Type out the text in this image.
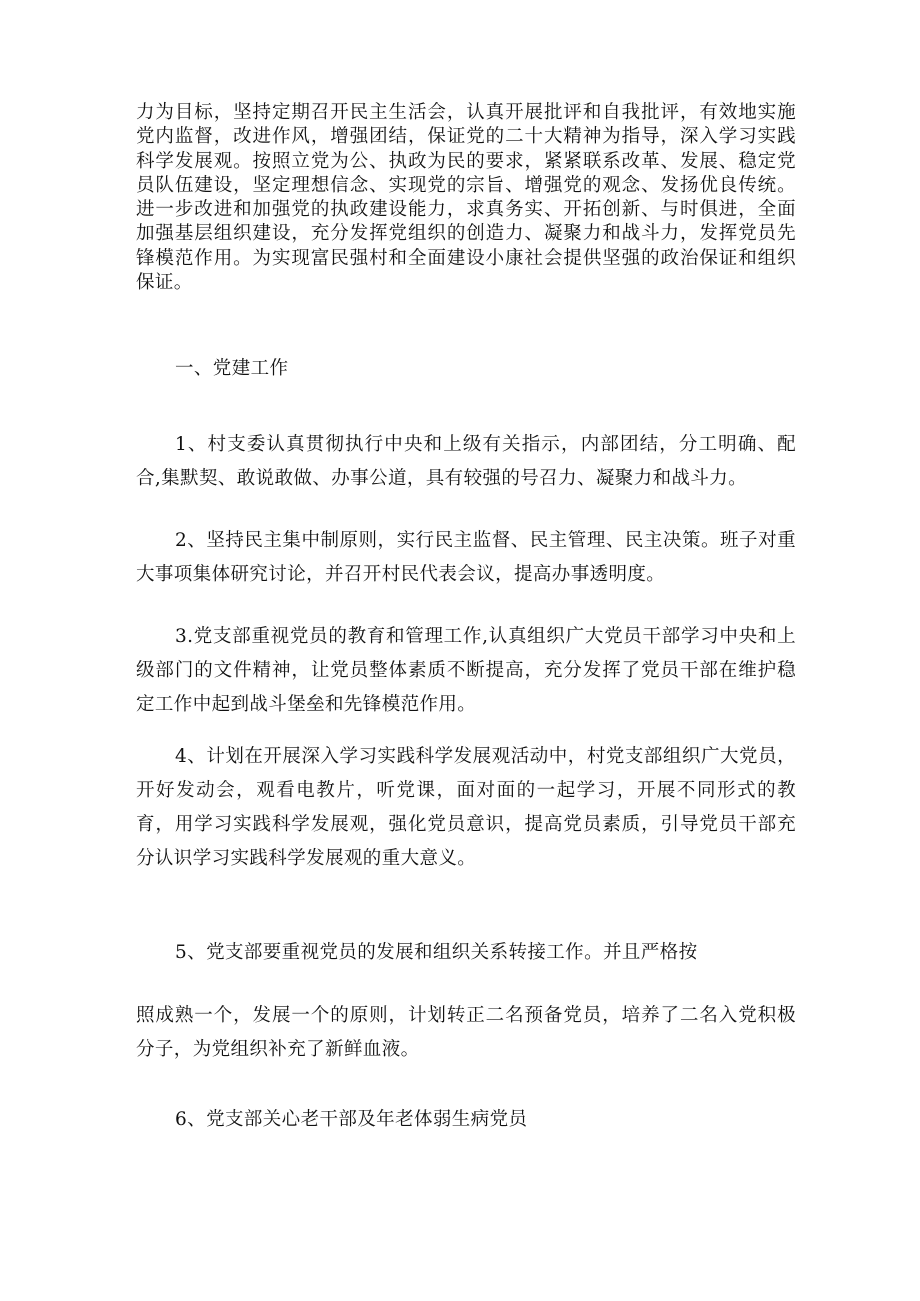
力为目标，坚持定期召开民主生活会，认真开展批评和自我批评，有效地实施党内监督，改进作风，增强团结，保证党的二十大精神为指导，深入学习实践科学发展观。按照立党为公、执政为民的要求，紧紧联系改革、发展、稳定党员队伍建设，坚定理想信念、实现党的宗旨、增强党的观念、发扬优良传统。进一步改进和加强党的执政建设能力，求真务实、开拓创新、与时俱进，全面加强基层组织建设，充分发挥党组织的创造力、凝聚力和战斗力，发挥党员先锋模范作用。为实现富民强村和全面建设小康社会提供坚强的政治保证和组织保证。

一、党建工作

1、村支委认真贯彻执行中央和上级有关指示，内部团结，分工明确、配合,集默契、敢说敢做、办事公道，具有较强的号召力、凝聚力和战斗力。

2、坚持民主集中制原则，实行民主监督、民主管理、民主决策。班子对重大事项集体研究讨论，并召开村民代表会议，提高办事透明度。

3.党支部重视党员的教育和管理工作,认真组织广大党员干部学习中央和上级部门的文件精神，让党员整体素质不断提高，充分发挥了党员干部在维护稳定工作中起到战斗堡垒和先锋模范作用。

4、计划在开展深入学习实践科学发展观活动中，村党支部组织广大党员，开好发动会，观看电教片，听党课，面对面的一起学习，开展不同形式的教育，用学习实践科学发展观，强化党员意识，提高党员素质，引导党员干部充分认识学习实践科学发展观的重大意义。

5、党支部要重视党员的发展和组织关系转接工作。并且严格按

照成熟一个，发展一个的原则，计划转正二名预备党员，培养了二名入党积极分子，为党组织补充了新鲜血液。

6、党支部关心老干部及年老体弱生病党员
